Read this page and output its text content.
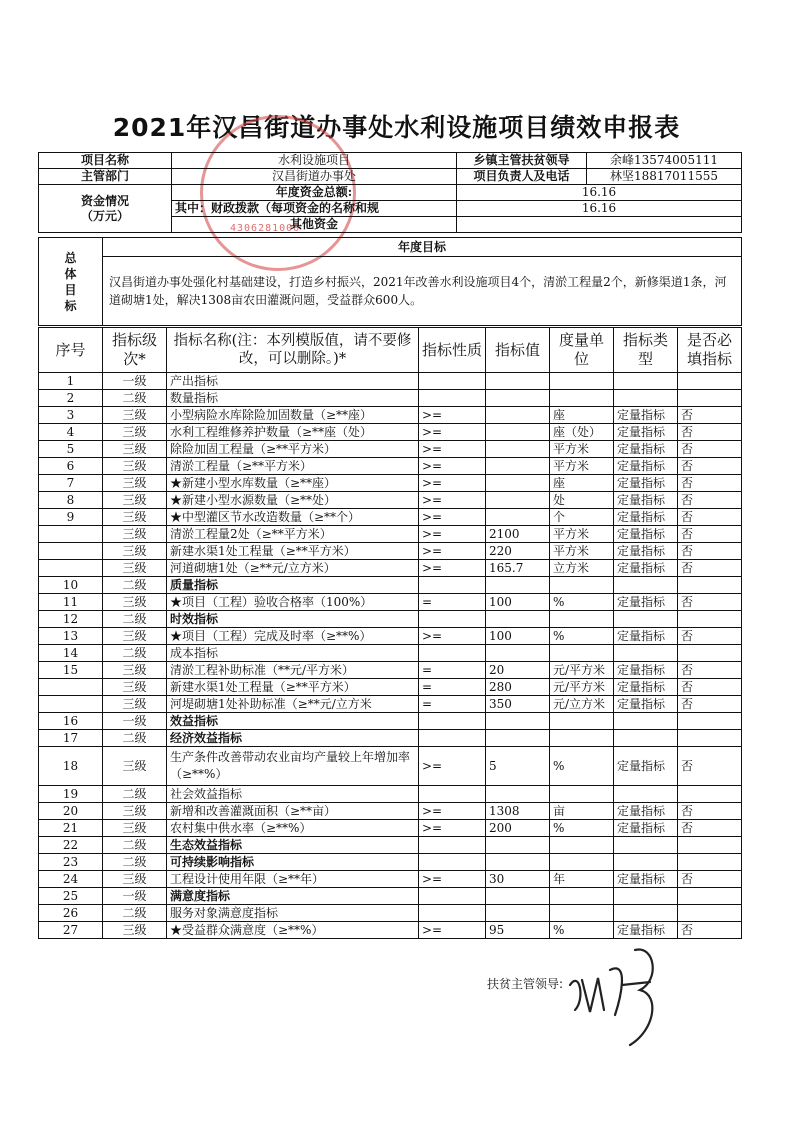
2021年汉昌街道办事处水利设施项目绩效申报表
4306281000
项目名称	水利设施项目	乡镇主管扶贫领导	余峰13574005111
主管部门	汉昌街道办事处	项目负责人及电话	林坚18817011555
资金情况
（万元）	年度资金总额:	16.16	
	其中：财政拨款（每项资金的名称和规	16.16	
	其他资金		
总
体
目
标	年度目标
汉昌街道办事处强化村基础建设，打造乡村振兴，2021年改善水利设施项目4个，清淤工程量2个，新修渠道1条，河道砌塘1处，解决1308亩农田灌溉问题，受益群众600人。
序号	指标级次*	指标名称(注：本列模版值，请不要修改，可以删除。)*	指标性质	指标值	度量单位	指标类型	是否必填指标
1	一级	产出指标					
2	二级	数量指标					
3	三级	小型病险水库除险加固数量（≥**座）	>=		座	定量指标	否
4	三级	水利工程维修养护数量（≥**座（处）	>=		座（处）	定量指标	否
5	三级	除险加固工程量（≥**平方米）	>=		平方米	定量指标	否
6	三级	清淤工程量（≥**平方米）	>=		平方米	定量指标	否
7	三级	★新建小型水库数量（≥**座）	>=		座	定量指标	否
8	三级	★新建小型水源数量（≥**处）	>=		处	定量指标	否
9	三级	★中型灌区节水改造数量（≥**个）	>=		个	定量指标	否
	三级	清淤工程量2处（≥**平方米）	>=	2100	平方米	定量指标	否
	三级	新建水渠1处工程量（≥**平方米）	>=	220	平方米	定量指标	否
	三级	河道砌塘1处（≥**元/立方米）	>=	165.7	立方米	定量指标	否
10	二级	质量指标					
11	三级	★项目（工程）验收合格率（100%）	=	100	%	定量指标	否
12	二级	时效指标					
13	三级	★项目（工程）完成及时率（≥**%）	>=	100	%	定量指标	否
14	二级	成本指标					
15	三级	清淤工程补助标准（**元/平方米）	=	20	元/平方米	定量指标	否
	三级	新建水渠1处工程量（≥**平方米）	=	280	元/平方米	定量指标	否
	三级	河堤砌塘1处补助标准（≥**元/立方米	=	350	元/立方米	定量指标	否
16	一级	效益指标					
17	二级	经济效益指标					
18	三级	生产条件改善带动农业亩均产量较上年增加率（≥**%）	>=	5	%	定量指标	否
19	二级	社会效益指标					
20	三级	新增和改善灌溉面积（≥**亩）	>=	1308	亩	定量指标	否
21	三级	农村集中供水率（≥**%）	>=	200	%	定量指标	否
22	二级	生态效益指标					
23	二级	可持续影响指标					
24	三级	工程设计使用年限（≥**年）	>=	30	年	定量指标	否
25	一级	满意度指标					
26	二级	服务对象满意度指标					
27	三级	★受益群众满意度（≥**%）	>=	95	%	定量指标	否
扶贫主管领导:
